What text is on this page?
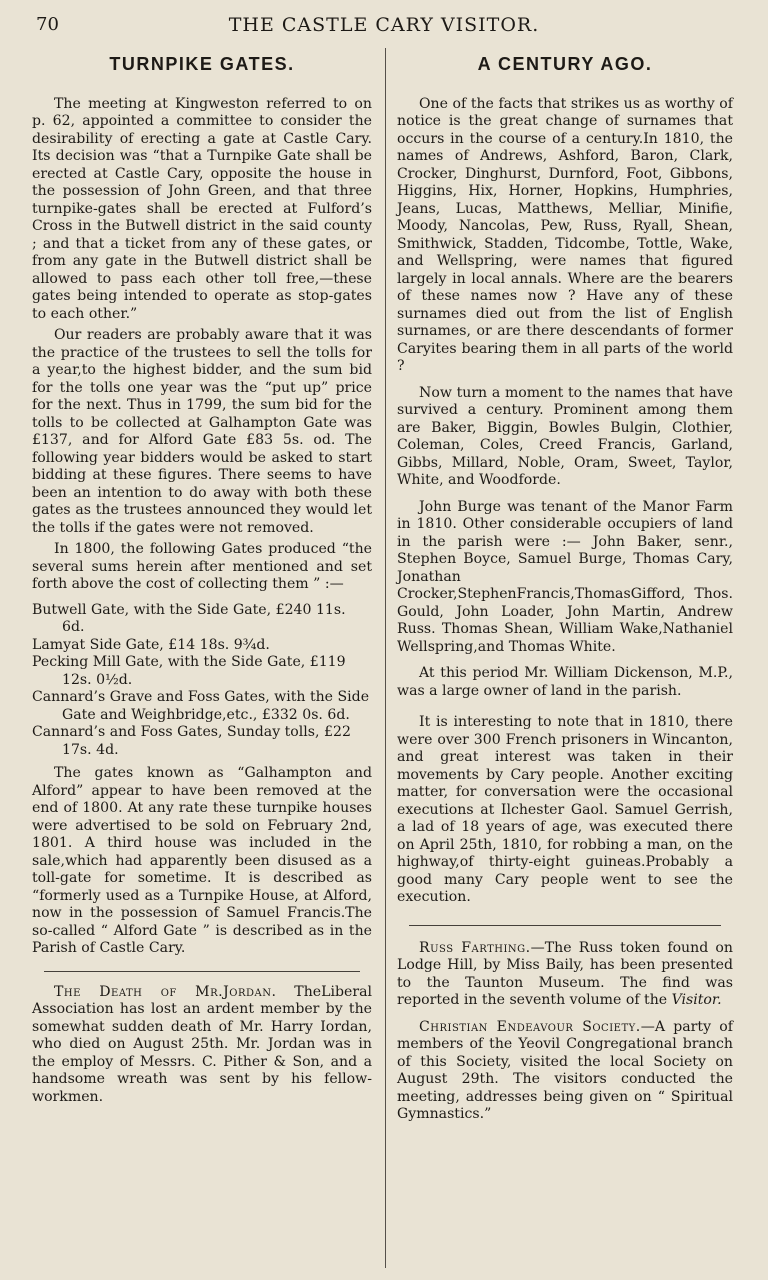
70	THE CASTLE CARY VISITOR.
TURNPIKE GATES.

The meeting at Kingweston referred to on p. 62, appointed a committee to consider the desirability of erecting a gate at Castle Cary. Its decision was “that a Turnpike Gate shall be erected at Castle Cary, opposite the house in the possession of John Green, and that three turnpike-gates shall be erected at Fulford’s Cross in the Butwell district in the said county ; and that a ticket from any of these gates, or from any gate in the Butwell district shall be allowed to pass each other toll free,—these gates being intended to operate as stop-gates to each other.”

Our readers are probably aware that it was the practice of the trustees to sell the tolls for a year,to the highest bidder, and the sum bid for the tolls one year was the “put up” price for the next. Thus in 1799, the sum bid for the tolls to be collected at Galhampton Gate was £137, and for Alford Gate £83 5s. od. The following year bidders would be asked to start bidding at these figures. There seems to have been an intention to do away with both these gates as the trustees announced they would let the tolls if the gates were not removed.

In 1800, the following Gates produced “the several sums herein after mentioned and set forth above the cost of collecting them ” :—

Butwell Gate, with the Side Gate, £240 11s. 6d.

Lamyat Side Gate, £14 18s. 9¾d.

Pecking Mill Gate, with the Side Gate, £119 12s. 0½d.

Cannard’s Grave and Foss Gates, with the Side Gate and Weighbridge,etc., £332 0s. 6d.

Cannard’s and Foss Gates, Sunday tolls, £22 17s. 4d.

The gates known as “Galhampton and Alford” appear to have been removed at the end of 1800. At any rate these turnpike houses were advertised to be sold on February 2nd, 1801. A third house was included in the sale,which had apparently been disused as a toll-gate for sometime. It is described as “formerly used as a Turnpike House, at Alford, now in the possession of Samuel Francis.The so-called “ Alford Gate ” is described as in the Parish of Castle Cary.

The Death of Mr.Jordan. TheLiberal Association has lost an ardent member by the somewhat sudden death of Mr. Harry Iordan, who died on August 25th. Mr. Jordan was in the employ of Messrs. C. Pither & Son, and a handsome wreath was sent by his fellow-workmen.

A CENTURY AGO.

One of the facts that strikes us as worthy of notice is the great change of surnames that occurs in the course of a century.In 1810, the names of Andrews, Ashford, Baron, Clark, Crocker, Dinghurst, Durnford, Foot, Gibbons, Higgins, Hix, Horner, Hopkins, Humphries, Jeans, Lucas, Matthews, Melliar, Minifie, Moody, Nancolas, Pew, Russ, Ryall, Shean, Smithwick, Stadden, Tidcombe, Tottle, Wake, and Wellspring, were names that figured largely in local annals. Where are the bearers of these names now ? Have any of these surnames died out from the list of English surnames, or are there descendants of former Caryites bearing them in all parts of the world ?

Now turn a moment to the names that have survived a century. Prominent among them are Baker, Biggin, Bowles Bulgin, Clothier, Coleman, Coles, Creed Francis, Garland, Gibbs, Millard, Noble, Oram, Sweet, Taylor, White, and Woodforde.

John Burge was tenant of the Manor Farm in 1810. Other considerable occupiers of land in the parish were :— John Baker, senr., Stephen Boyce, Samuel Burge, Thomas Cary, Jonathan Crocker,StephenFrancis,ThomasGifford, Thos. Gould, John Loader, John Martin, Andrew Russ. Thomas Shean, William Wake,Nathaniel Wellspring,and Thomas White.

At this period Mr. William Dickenson, M.P., was a large owner of land in the parish.

It is interesting to note that in 1810, there were over 300 French prisoners in Wincanton, and great interest was taken in their movements by Cary people. Another exciting matter, for conversation were the occasional executions at Ilchester Gaol. Samuel Gerrish, a lad of 18 years of age, was executed there on April 25th, 1810, for robbing a man, on the highway,of thirty-eight guineas.Probably a good many Cary people went to see the execution.

Russ Farthing.—The Russ token found on Lodge Hill, by Miss Baily, has been presented to the Taunton Museum. The find was reported in the seventh volume of the Visitor.

Christian Endeavour Society.—A party of members of the Yeovil Congregational branch of this Society, visited the local Society on August 29th. The visitors conducted the meeting, addresses being given on “ Spiritual Gymnastics.”
